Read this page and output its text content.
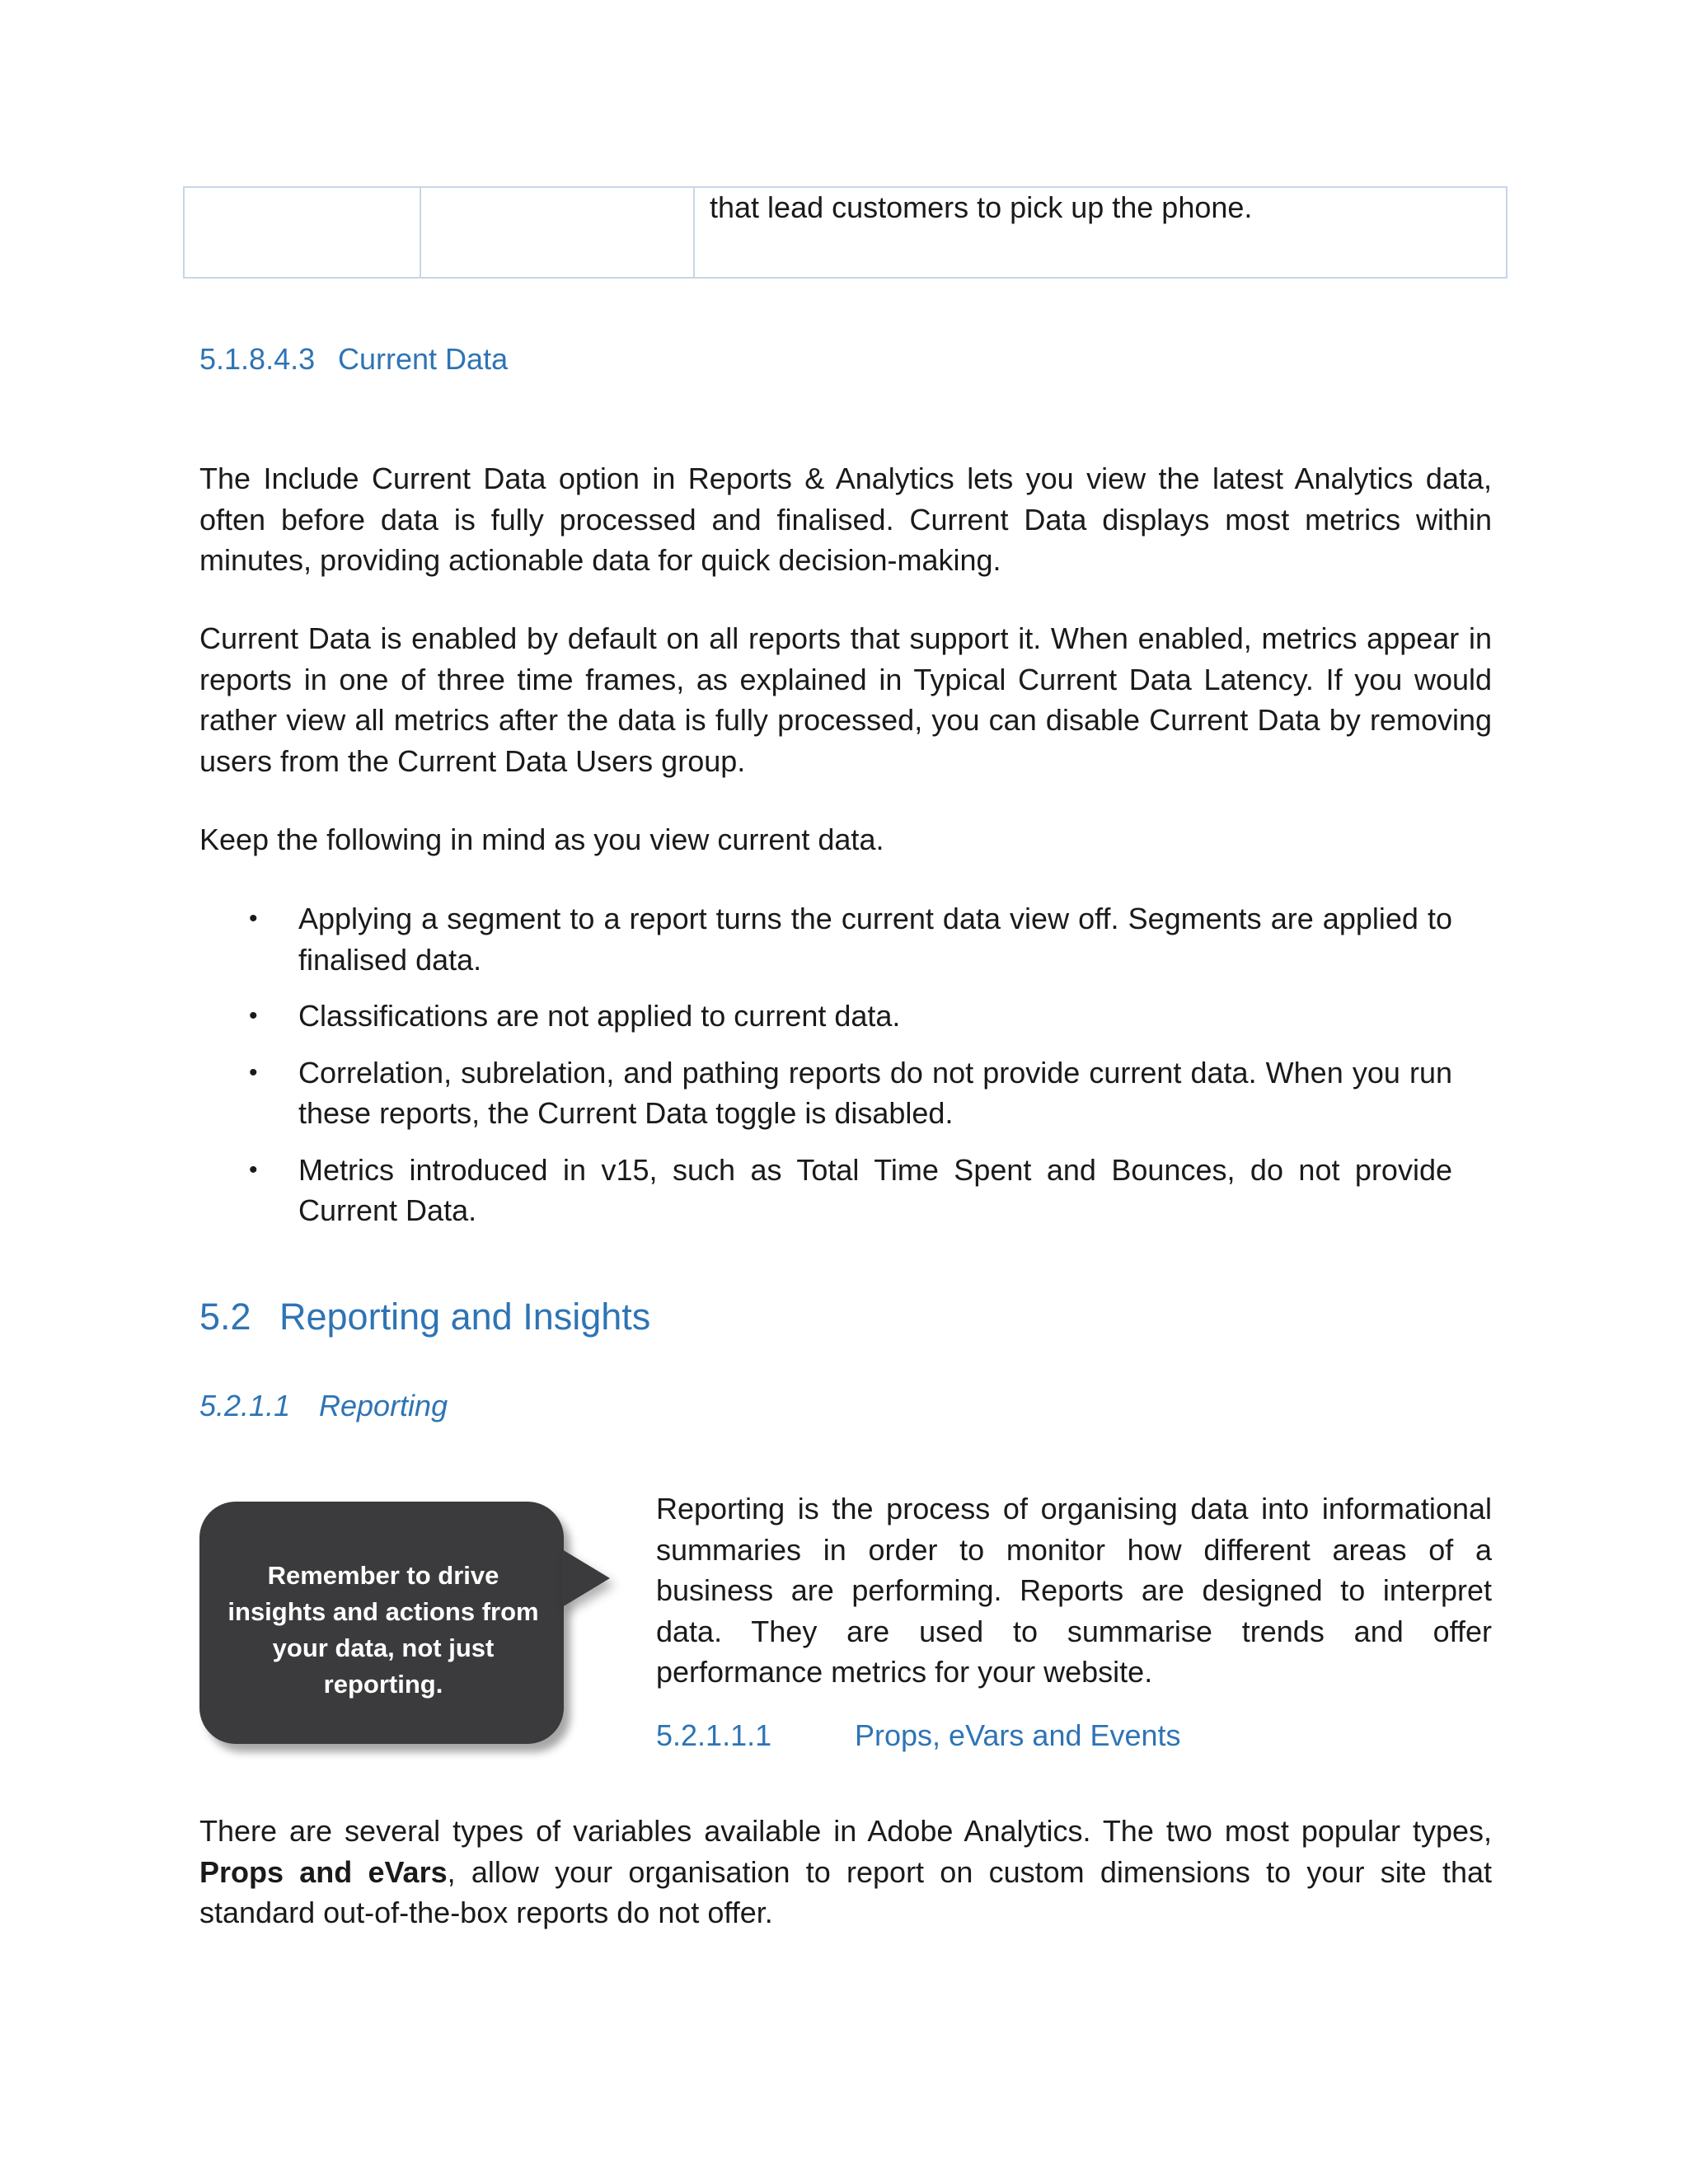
		that lead customers to pick up the phone.
5.1.8.4.3 Current Data

The Include Current Data option in Reports & Analytics lets you view the latest Analytics data, often before data is fully processed and finalised. Current Data displays most metrics within minutes, providing actionable data for quick decision-making.

Current Data is enabled by default on all reports that support it. When enabled, metrics appear in reports in one of three time frames, as explained in Typical Current Data Latency. If you would rather view all metrics after the data is fully processed, you can disable Current Data by removing users from the Current Data Users group.

Keep the following in mind as you view current data.

• Applying a segment to a report turns the current data view off. Segments are applied to finalised data.
• Classifications are not applied to current data.
• Correlation, subrelation, and pathing reports do not provide current data. When you run these reports, the Current Data toggle is disabled.
• Metrics introduced in v15, such as Total Time Spent and Bounces, do not provide Current Data.
5.2 Reporting and Insights
5.2.1.1 Reporting
Remember to drive insights and actions from your data, not just reporting.

Reporting is the process of organising data into informational summaries in order to monitor how different areas of a business are performing. Reports are designed to interpret data. They are used to summarise trends and offer performance metrics for your website.

5.2.1.1.1	Props, eVars and Events

There are several types of variables available in Adobe Analytics. The two most popular types, Props and eVars, allow your organisation to report on custom dimensions to your site that standard out-of-the-box reports do not offer.
